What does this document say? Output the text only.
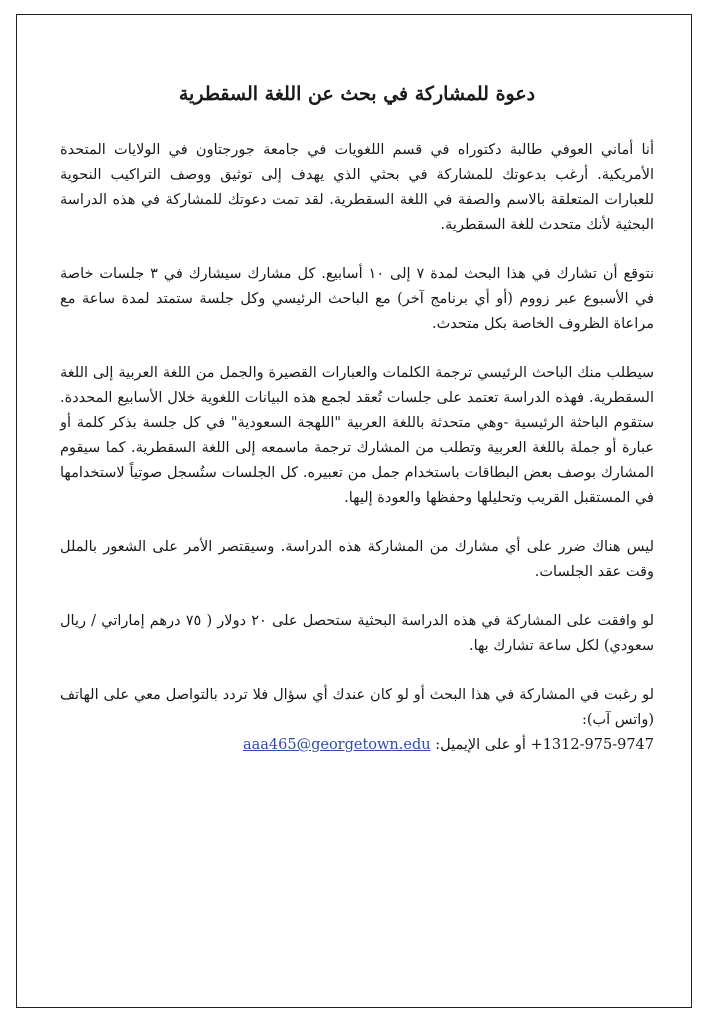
دعوة للمشاركة في بحث عن اللغة السقطرية

أنا أماني العوفي طالبة دكتوراه في قسم اللغويات في جامعة جورجتاون في الولايات المتحدة الأمريكية. أرغب بدعوتك للمشاركة في بحثي الذي يهدف إلى توثيق ووصف التراكيب النحوية للعبارات المتعلقة بالاسم والصفة في اللغة السقطرية. لقد تمت دعوتك للمشاركة في هذه الدراسة البحثية لأنك متحدث للغة السقطرية.

نتوقع أن تشارك في هذا البحث لمدة ٧ إلى ١٠ أسابيع. كل مشارك سيشارك في ٣ جلسات خاصة في الأسبوع عبر زووم (أو أي برنامج آخر) مع الباحث الرئيسي وكل جلسة ستمتد لمدة ساعة مع مراعاة الظروف الخاصة بكل متحدث.

سيطلب منك الباحث الرئيسي ترجمة الكلمات والعبارات القصيرة والجمل من اللغة العربية إلى اللغة السقطرية. فهذه الدراسة تعتمد على جلسات تُعقد لجمع هذه البيانات اللغوية خلال الأسابيع المحددة. ستقوم الباحثة الرئيسية -وهي متحدثة باللغة العربية "اللهجة السعودية" في كل جلسة بذكر كلمة أو عبارة أو جملة باللغة العربية وتطلب من المشارك ترجمة ماسمعه إلى اللغة السقطرية. كما سيقوم المشارك بوصف بعض البطاقات باستخدام جمل من تعبيره. كل الجلسات ستُسجل صوتياً لاستخدامها في المستقبل القريب وتحليلها وحفظها والعودة إليها.

ليس هناك ضرر على أي مشارك من المشاركة هذه الدراسة. وسيقتصر الأمر على الشعور بالملل وقت عقد الجلسات.

لو وافقت على المشاركة في هذه الدراسة البحثية ستحصل على ٢٠ دولار ( ٧٥ درهم إماراتي / ريال سعودي) لكل ساعة تشارك بها.

لو رغبت في المشاركة في هذا البحث أو لو كان عندك أي سؤال فلا تردد بالتواصل معي على الهاتف (واتس آب):
+1312-975-9747 أو على الإيميل: aaa465@georgetown.edu
